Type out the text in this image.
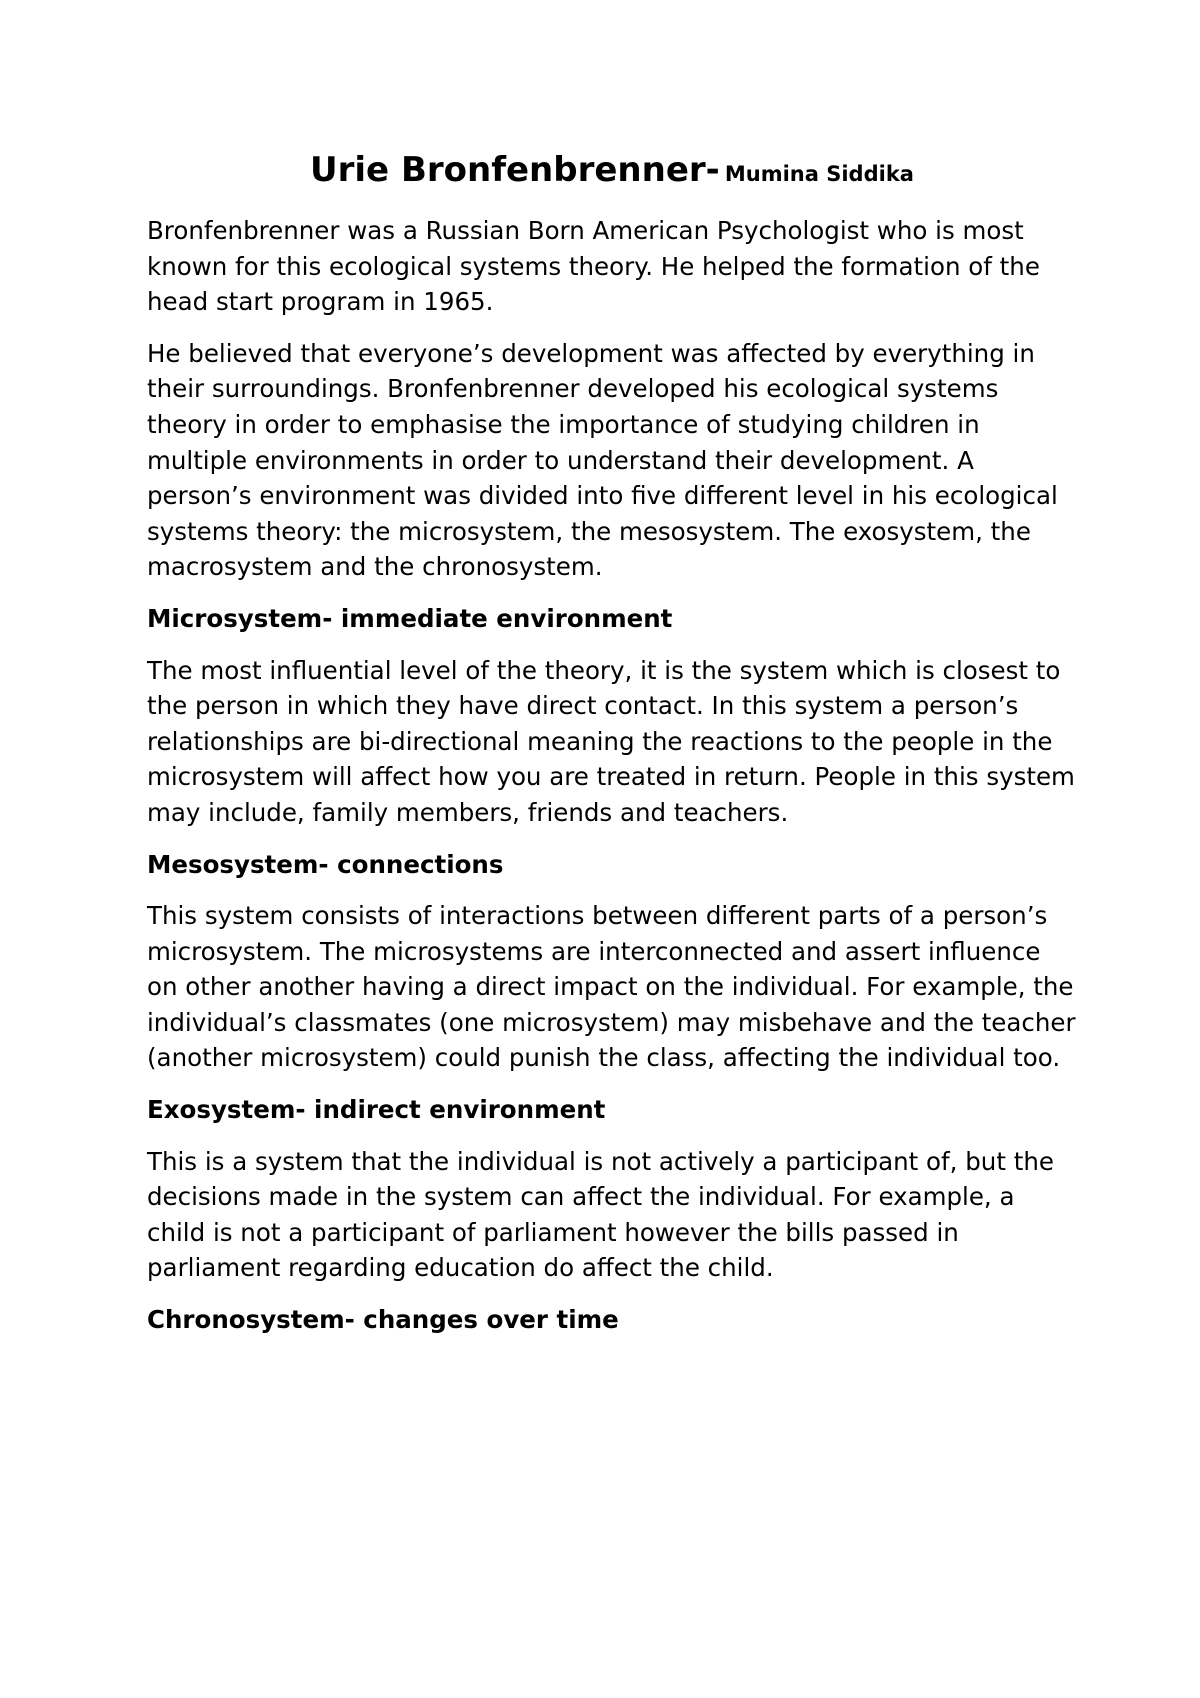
Urie Bronfenbrenner- Mumina Siddika

Bronfenbrenner was a Russian Born American Psychologist who is most known for this ecological systems theory. He helped the formation of the head start program in 1965.

He believed that everyone’s development was affected by everything in their surroundings. Bronfenbrenner developed his ecological systems theory in order to emphasise the importance of studying children in multiple environments in order to understand their development. A person’s environment was divided into five different level in his ecological systems theory: the microsystem, the mesosystem. The exosystem, the macrosystem and the chronosystem.

Microsystem- immediate environment

The most influential level of the theory, it is the system which is closest to the person in which they have direct contact. In this system a person’s relationships are bi-directional meaning the reactions to the people in the microsystem will affect how you are treated in return. People in this system may include, family members, friends and teachers.

Mesosystem- connections

This system consists of interactions between different parts of a person’s microsystem. The microsystems are interconnected and assert influence on other another having a direct impact on the individual. For example, the individual’s classmates (one microsystem) may misbehave and the teacher (another microsystem) could punish the class, affecting the individual too.

Exosystem- indirect environment

This is a system that the individual is not actively a participant of, but the decisions made in the system can affect the individual. For example, a child is not a participant of parliament however the bills passed in parliament regarding education do affect the child.

Chronosystem- changes over time
